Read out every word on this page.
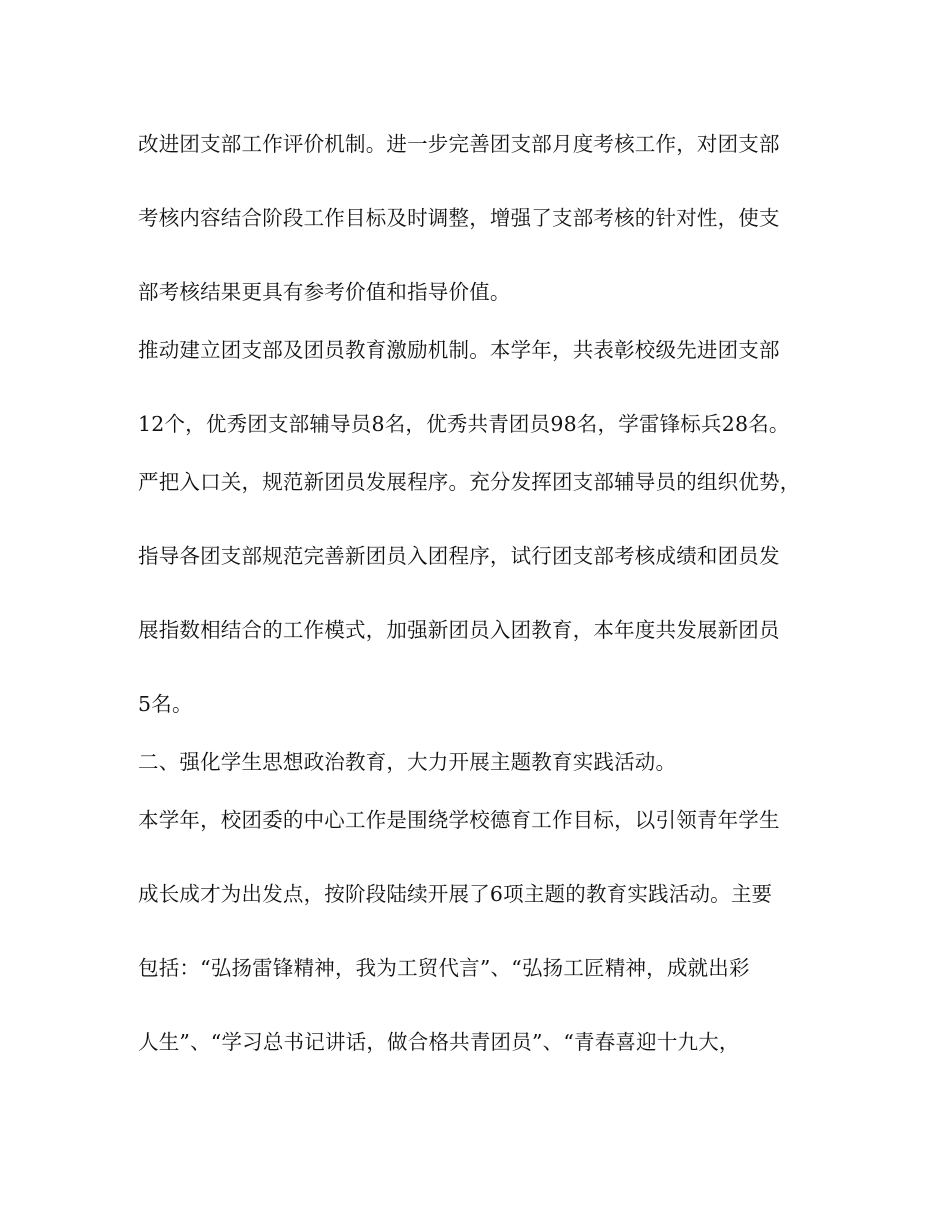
改进团支部工作评价机制。进一步完善团支部月度考核工作，对团支部
考核内容结合阶段工作目标及时调整，增强了支部考核的针对性，使支
部考核结果更具有参考价值和指导价值。
推动建立团支部及团员教育激励机制。本学年，共表彰校级先进团支部
12个，优秀团支部辅导员8名，优秀共青团员98名，学雷锋标兵28名。
严把入口关，规范新团员发展程序。充分发挥团支部辅导员的组织优势，
指导各团支部规范完善新团员入团程序，试行团支部考核成绩和团员发
展指数相结合的工作模式，加强新团员入团教育，本年度共发展新团员
5名。
二、强化学生思想政治教育，大力开展主题教育实践活动。
本学年，校团委的中心工作是围绕学校德育工作目标，以引领青年学生
成长成才为出发点，按阶段陆续开展了6项主题的教育实践活动。主要
包括：“弘扬雷锋精神，我为工贸代言”、“弘扬工匠精神，成就出彩
人生”、“学习总书记讲话，做合格共青团员”、“青春喜迎十九大，
